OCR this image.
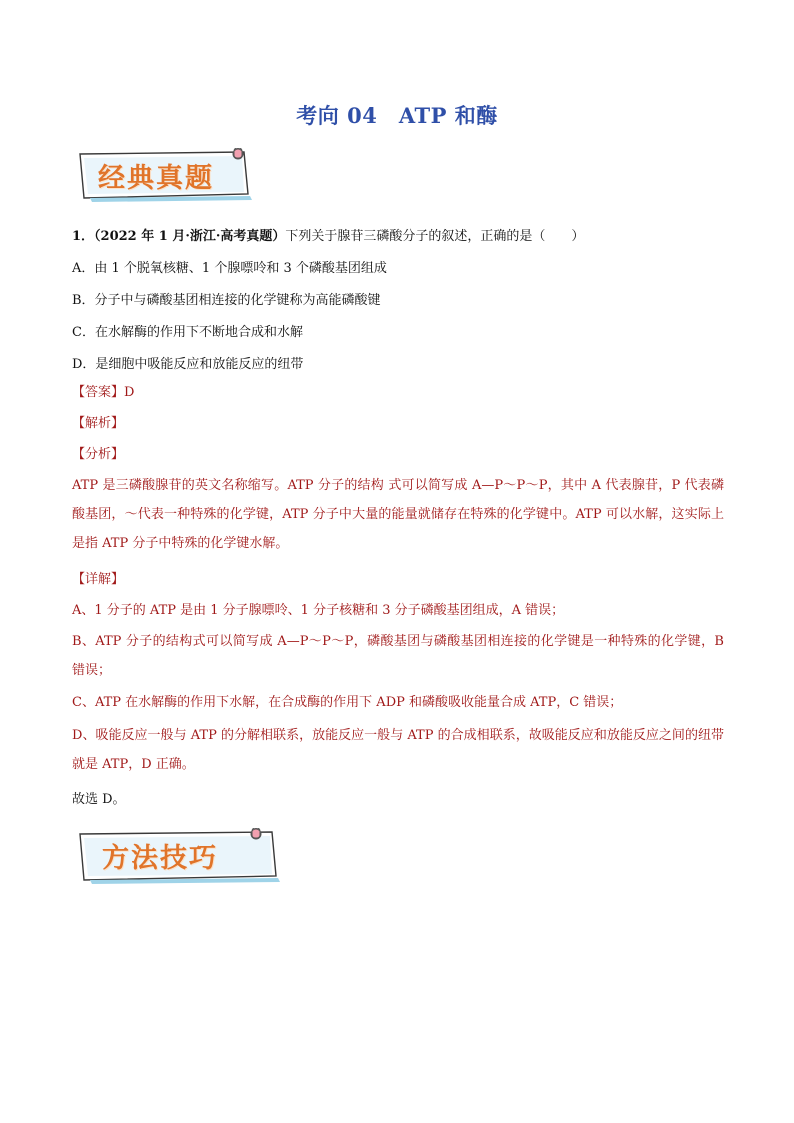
考向 04　ATP 和酶
经典真题
1．（2022 年 1 月·浙江·高考真题）下列关于腺苷三磷酸分子的叙述，正确的是（　　）
A．由 1 个脱氧核糖、1 个腺嘌呤和 3 个磷酸基团组成
B．分子中与磷酸基团相连接的化学键称为高能磷酸键
C．在水解酶的作用下不断地合成和水解
D．是细胞中吸能反应和放能反应的纽带
【答案】D
【解析】
【分析】
ATP 是三磷酸腺苷的英文名称缩写。ATP 分子的结构 式可以简写成 A—P～P～P，其中 A 代表腺苷，P 代表磷酸基团，～代表一种特殊的化学键，ATP 分子中大量的能量就储存在特殊的化学键中。ATP 可以水解，这实际上是指 ATP 分子中特殊的化学键水解。
【详解】
A、1 分子的 ATP 是由 1 分子腺嘌呤、1 分子核糖和 3 分子磷酸基团组成，A 错误；
B、ATP 分子的结构式可以简写成 A—P～P～P，磷酸基团与磷酸基团相连接的化学键是一种特殊的化学键，B 错误；
C、ATP 在水解酶的作用下水解，在合成酶的作用下 ADP 和磷酸吸收能量合成 ATP，C 错误；
D、吸能反应一般与 ATP 的分解相联系，放能反应一般与 ATP 的合成相联系，故吸能反应和放能反应之间的纽带就是 ATP，D 正确。
故选 D。
方法技巧
